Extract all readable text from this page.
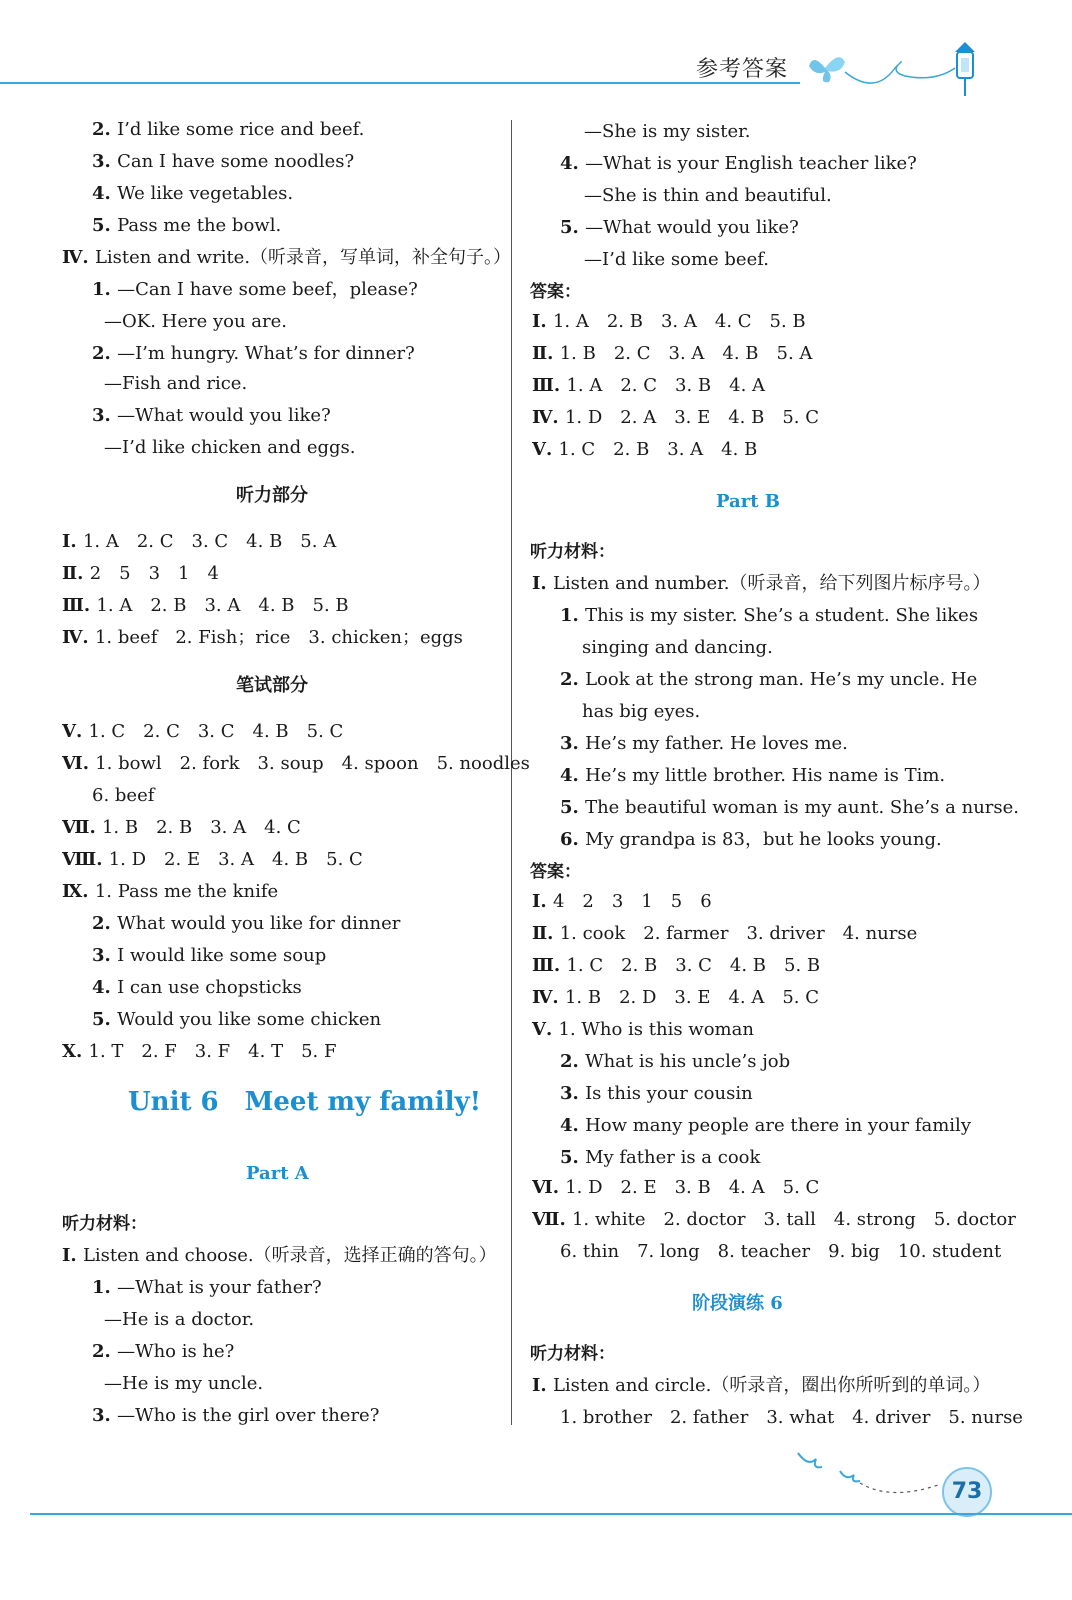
参考答案
2. I’d like some rice and beef.
3. Can I have some noodles?
4. We like vegetables.
5. Pass me the bowl.
Ⅳ. Listen and write.（听录音，写单词，补全句子。）
1. —Can I have some beef，please?
—OK. Here you are.
2. —I’m hungry. What’s for dinner?
—Fish and rice.
3. —What would you like?
—I’d like chicken and eggs.
听力部分
Ⅰ. 1. A　2. C　3. C　4. B　5. A
Ⅱ. 2　5　3　1　4
Ⅲ. 1. A　2. B　3. A　4. B　5. B
Ⅳ. 1. beef　2. Fish；rice　3. chicken；eggs
笔试部分
Ⅴ. 1. C　2. C　3. C　4. B　5. C
Ⅵ. 1. bowl　2. fork　3. soup　4. spoon　5. noodles
6. beef
Ⅶ. 1. B　2. B　3. A　4. C
Ⅷ. 1. D　2. E　3. A　4. B　5. C
Ⅸ. 1. Pass me the knife
2. What would you like for dinner
3. I would like some soup
4. I can use chopsticks
5. Would you like some chicken
Ⅹ. 1. T　2. F　3. F　4. T　5. F
Unit 6　Meet my family!
Part A
听力材料：
Ⅰ. Listen and choose.（听录音，选择正确的答句。）
1. —What is your father?
—He is a doctor.
2. —Who is he?
—He is my uncle.
3. —Who is the girl over there?
—She is my sister.
4. —What is your English teacher like?
—She is thin and beautiful.
5. —What would you like?
—I’d like some beef.
答案：
Ⅰ. 1. A　2. B　3. A　4. C　5. B
Ⅱ. 1. B　2. C　3. A　4. B　5. A
Ⅲ. 1. A　2. C　3. B　4. A
Ⅳ. 1. D　2. A　3. E　4. B　5. C
Ⅴ. 1. C　2. B　3. A　4. B
Part B
听力材料：
Ⅰ. Listen and number.（听录音，给下列图片标序号。）
1. This is my sister. She’s a student. She likes
singing and dancing.
2. Look at the strong man. He’s my uncle. He
has big eyes.
3. He’s my father. He loves me.
4. He’s my little brother. His name is Tim.
5. The beautiful woman is my aunt. She’s a nurse.
6. My grandpa is 83，but he looks young.
答案：
Ⅰ. 4　2　3　1　5　6
Ⅱ. 1. cook　2. farmer　3. driver　4. nurse
Ⅲ. 1. C　2. B　3. C　4. B　5. B
Ⅳ. 1. B　2. D　3. E　4. A　5. C
Ⅴ. 1. Who is this woman
2. What is his uncle’s job
3. Is this your cousin
4. How many people are there in your family
5. My father is a cook
Ⅵ. 1. D　2. E　3. B　4. A　5. C
Ⅶ. 1. white　2. doctor　3. tall　4. strong　5. doctor
6. thin　7. long　8. teacher　9. big　10. student
阶段演练 6
听力材料：
Ⅰ. Listen and circle.（听录音，圈出你所听到的单词。）
1. brother　2. father　3. what　4. driver　5. nurse
73
